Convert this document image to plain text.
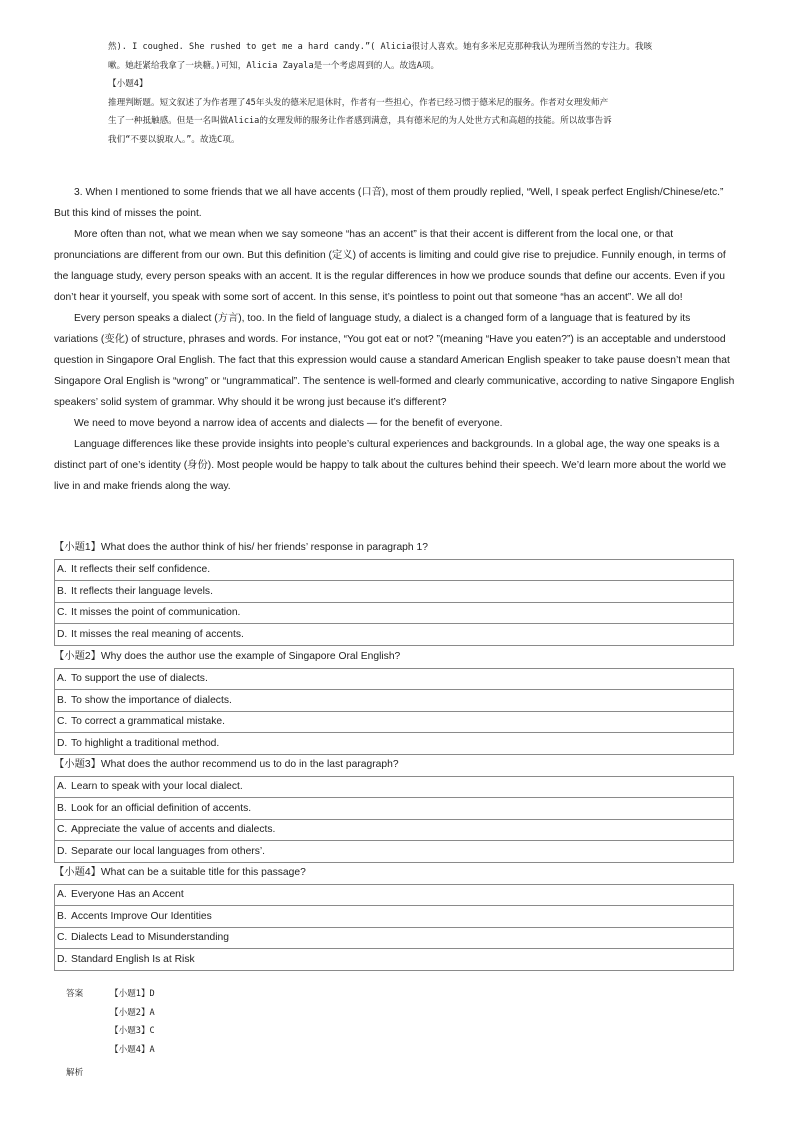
然). I coughed. She rushed to get me a hard candy.”( Alicia很讨人喜欢。她有多米尼克那种我认为理所当然的专注力。我咳
嗽。她赶紧给我拿了一块糖。)可知，Alicia Zayala是一个考虑周到的人。故选A项。
【小题4】
推理判断题。短文叙述了为作者理了45年头发的德米尼退休时，作者有一些担心，作者已经习惯于德米尼的服务。作者对女理发师产
生了一种抵触感。但是一名叫做Alicia的女理发师的服务让作者感到满意，具有德米尼的为人处世方式和高超的技能。所以故事告诉
我们“不要以貌取人。”。故选C项。

3. When I mentioned to some friends that we all have accents (口音), most of them proudly replied, “Well, I speak perfect English/Chinese/etc.” But this kind of misses the point.

More often than not, what we mean when we say someone “has an accent” is that their accent is different from the local one, or that pronunciations are different from our own. But this definition (定义) of accents is limiting and could give rise to prejudice. Funnily enough, in terms of the language study, every person speaks with an accent. It is the regular differences in how we produce sounds that define our accents. Even if you don’t hear it yourself, you speak with some sort of accent. In this sense, it’s pointless to point out that someone “has an accent”. We all do!

Every person speaks a dialect (方言), too. In the field of language study, a dialect is a changed form of a language that is featured by its variations (变化) of structure, phrases and words. For instance, “You got eat or not? ”(meaning “Have you eaten?”) is an acceptable and understood question in Singapore Oral English. The fact that this expression would cause a standard American English speaker to take pause doesn’t mean that Singapore Oral English is “wrong” or “ungrammatical”. The sentence is well-formed and clearly communicative, according to native Singapore English speakers’ solid system of grammar. Why should it be wrong just because it’s different?

We need to move beyond a narrow idea of accents and dialects — for the benefit of everyone.

Language differences like these provide insights into people’s cultural experiences and backgrounds. In a global age, the way one speaks is a distinct part of one’s identity (身份). Most people would be happy to talk about the cultures behind their speech. We’d learn more about the world we live in and make friends along the way.

【小题1】What does the author think of his/ her friends’ response in paragraph 1?
A. It reflects their self confidence.
B. It reflects their language levels.
C. It misses the point of communication.
D. It misses the real meaning of accents.
【小题2】Why does the author use the example of Singapore Oral English?
A. To support the use of dialects.
B. To show the importance of dialects.
C. To correct a grammatical mistake.
D. To highlight a traditional method.
【小题3】What does the author recommend us to do in the last paragraph?
A. Learn to speak with your local dialect.
B. Look for an official definition of accents.
C. Appreciate the value of accents and dialects.
D. Separate our local languages from others’.
【小题4】What can be a suitable title for this passage?
A. Everyone Has an Accent
B. Accents Improve Our Identities
C. Dialects Lead to Misunderstanding
D. Standard English Is at Risk
答案	【小题1】D
【小题2】A
【小题3】C
【小题4】A
解析
